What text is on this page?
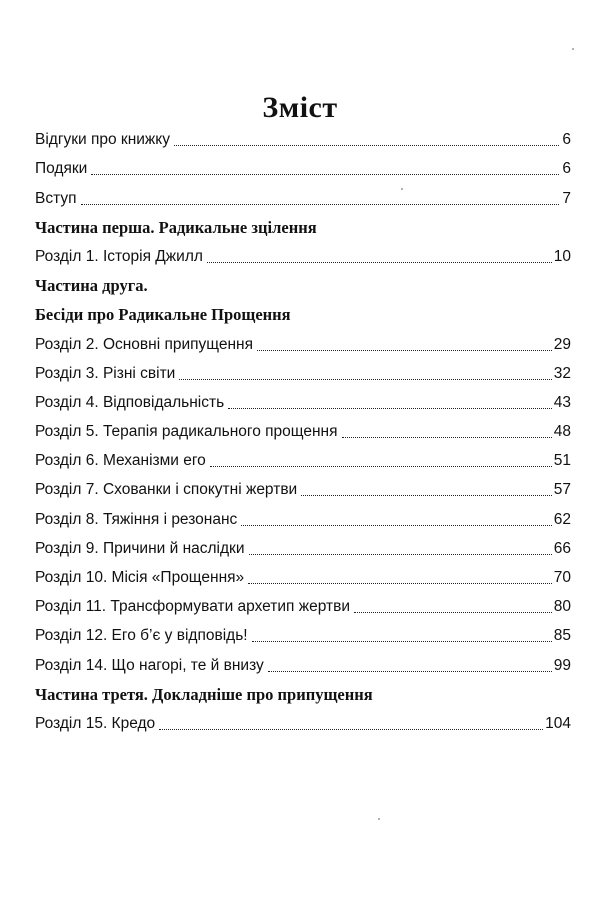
Зміст
Відгуки про книжку	6
Подяки	6
Вступ	7
Частина перша. Радикальне зцілення
Розділ 1. Історія Джилл	10
Частина друга.
Бесіди про Радикальне Прощення
Розділ 2. Основні припущення	29
Розділ 3. Різні світи	32
Розділ 4. Відповідальність	43
Розділ 5. Терапія радикального прощення	48
Розділ 6. Механізми его	51
Розділ 7. Схованки і спокутні жертви	57
Розділ 8. Тяжіння і резонанс	62
Розділ 9. Причини й наслідки	66
Розділ 10. Місія «Прощення»	70
Розділ 11. Трансформувати архетип жертви	80
Розділ 12. Его б’є у відповідь!	85
Розділ 14. Що нагорі, те й внизу	99
Частина третя. Докладніше про припущення
Розділ 15. Кредо	104
